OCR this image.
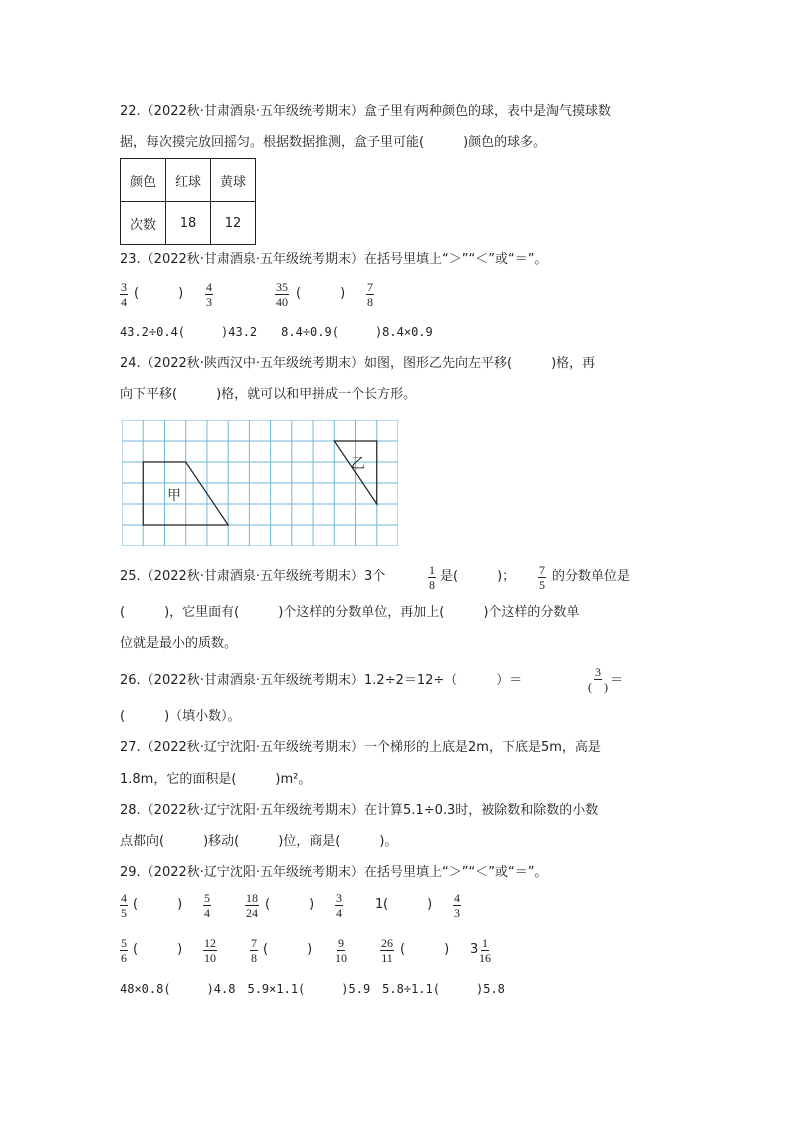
22.（2022秋·甘肃酒泉·五年级统考期末）盒子里有两种颜色的球，表中是淘气摸球数
据，每次摸完放回摇匀。根据数据推测，盒子里可能(　　　)颜色的球多。
颜色	红球	黄球
次数	18	12
23.（2022秋·甘肃酒泉·五年级统考期末）在括号里填上“＞”“＜”或“＝”。
$\frac{3}{4}$ (　　　) $\frac{4}{3}$	$\frac{35}{40}$ (　　　) $\frac{7}{8}$
43.2÷0.4(　　　)43.2　　8.4÷0.9(　　　)8.4×0.9
24.（2022秋·陕西汉中·五年级统考期末）如图，图形乙先向左平移(　　　)格，再
向下平移(　　　)格，就可以和甲拼成一个长方形。
甲
乙
25.（2022秋·甘肃酒泉·五年级统考期末）3个	$\frac{1}{8}$ 是(　　　)； $\frac{7}{5}$ 的分数单位是
(　　　)，它里面有(　　　)个这样的分数单位，再加上(　　　)个这样的分数单
位就是最小的质数。
26.（2022秋·甘肃酒泉·五年级统考期末）1.2÷2＝12÷（　　　）＝
3
(　) ＝
(　　　)（填小数）。
27.（2022秋·辽宁沈阳·五年级统考期末）一个梯形的上底是2m，下底是5m，高是
1.8m，它的面积是(　　　)m²。
28.（2022秋·辽宁沈阳·五年级统考期末）在计算5.1÷0.3时，被除数和除数的小数
点都向(　　　)移动(　　　)位，商是(　　　)。
29.（2022秋·辽宁沈阳·五年级统考期末）在括号里填上“＞”“＜”或“＝”。
$\frac{4}{5}$ (　　　) $\frac{5}{4}$	$\frac{18}{24}$ (　　　) $\frac{3}{4} 1$ (　　　) $\frac{4}{3}$
$\frac{5}{6}$ (　　　) $\frac{12}{10}$	$\frac{7}{8}$ (　　　) $\frac{9}{10}$	$\frac{26}{11}$ (　　　) $3 \frac{1}{16}$
48×0.8(　　　)4.8　5.9×1.1(　　　)5.9　5.8÷1.1(　　　)5.8
